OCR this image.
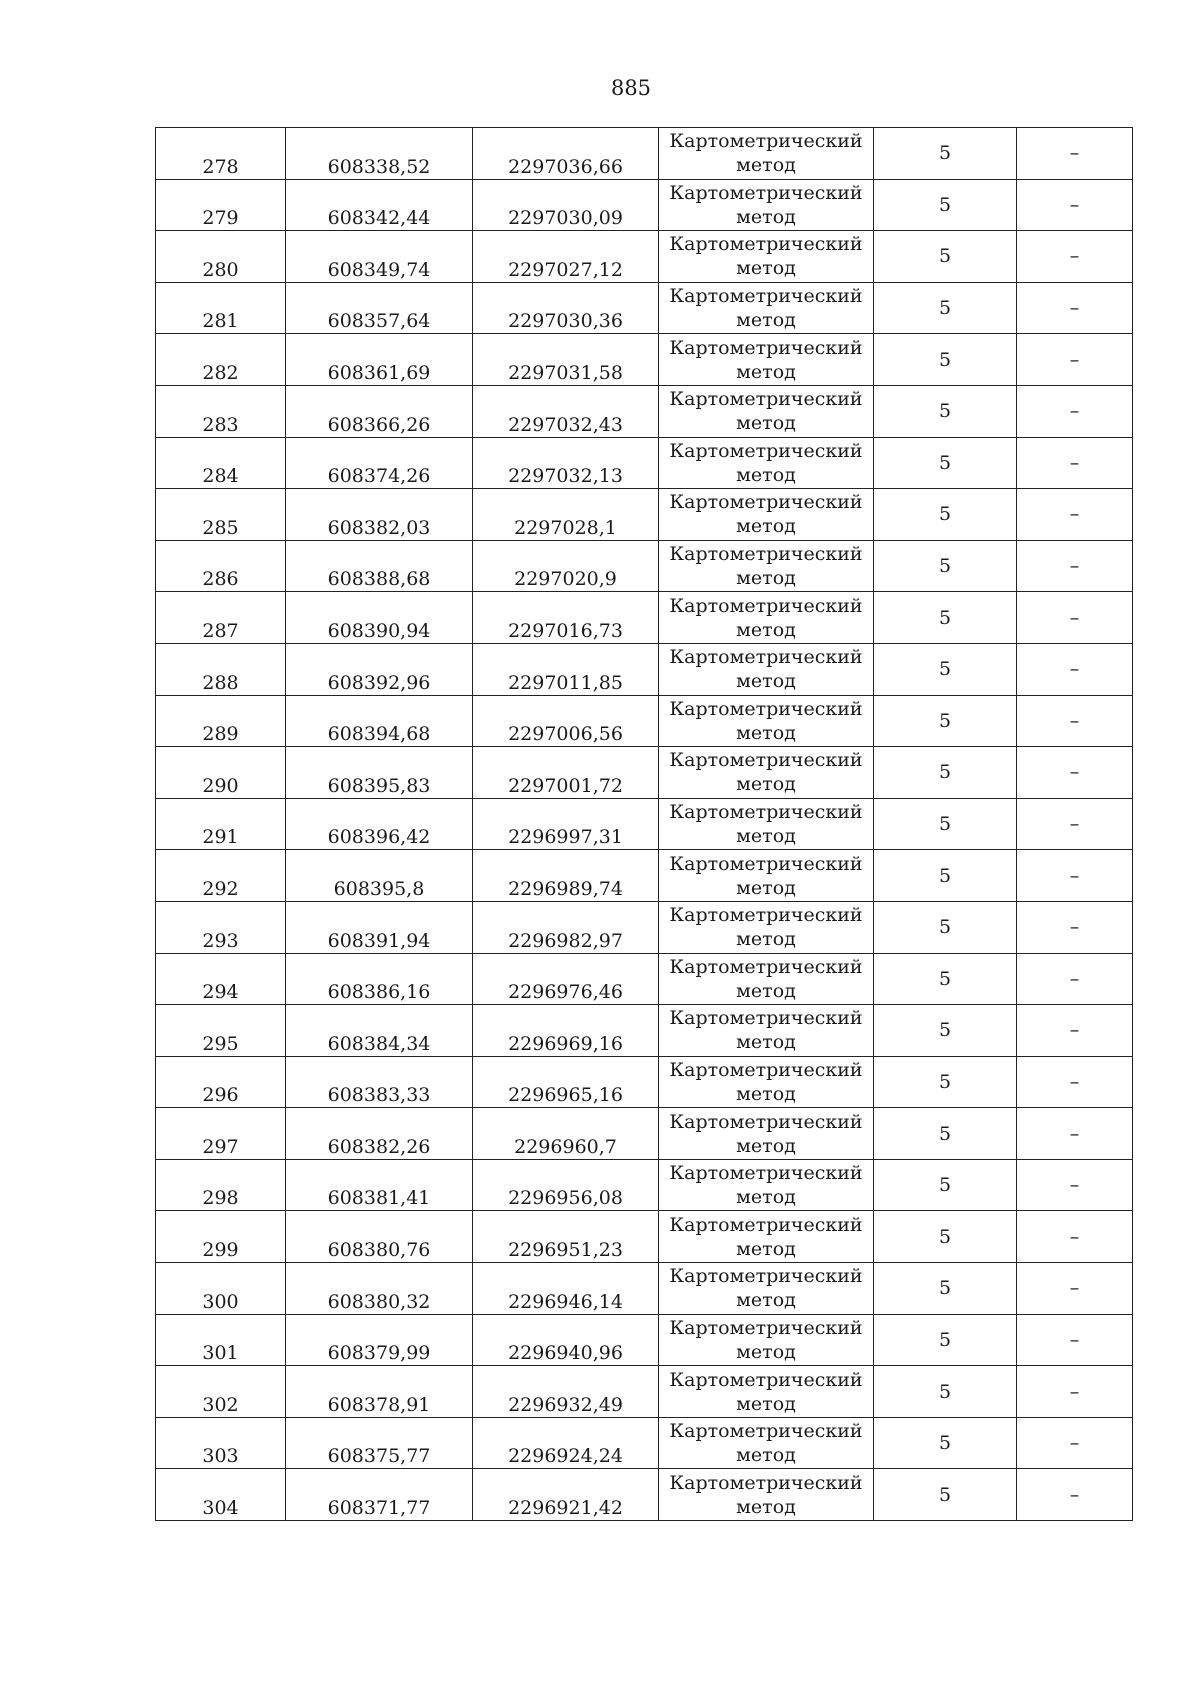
885
278	608338,52	2297036,66	Картометрический
метод	5	–
279	608342,44	2297030,09	Картометрический
метод	5	–
280	608349,74	2297027,12	Картометрический
метод	5	–
281	608357,64	2297030,36	Картометрический
метод	5	–
282	608361,69	2297031,58	Картометрический
метод	5	–
283	608366,26	2297032,43	Картометрический
метод	5	–
284	608374,26	2297032,13	Картометрический
метод	5	–
285	608382,03	2297028,1	Картометрический
метод	5	–
286	608388,68	2297020,9	Картометрический
метод	5	–
287	608390,94	2297016,73	Картометрический
метод	5	–
288	608392,96	2297011,85	Картометрический
метод	5	–
289	608394,68	2297006,56	Картометрический
метод	5	–
290	608395,83	2297001,72	Картометрический
метод	5	–
291	608396,42	2296997,31	Картометрический
метод	5	–
292	608395,8	2296989,74	Картометрический
метод	5	–
293	608391,94	2296982,97	Картометрический
метод	5	–
294	608386,16	2296976,46	Картометрический
метод	5	–
295	608384,34	2296969,16	Картометрический
метод	5	–
296	608383,33	2296965,16	Картометрический
метод	5	–
297	608382,26	2296960,7	Картометрический
метод	5	–
298	608381,41	2296956,08	Картометрический
метод	5	–
299	608380,76	2296951,23	Картометрический
метод	5	–
300	608380,32	2296946,14	Картометрический
метод	5	–
301	608379,99	2296940,96	Картометрический
метод	5	–
302	608378,91	2296932,49	Картометрический
метод	5	–
303	608375,77	2296924,24	Картометрический
метод	5	–
304	608371,77	2296921,42	Картометрический
метод	5	–
